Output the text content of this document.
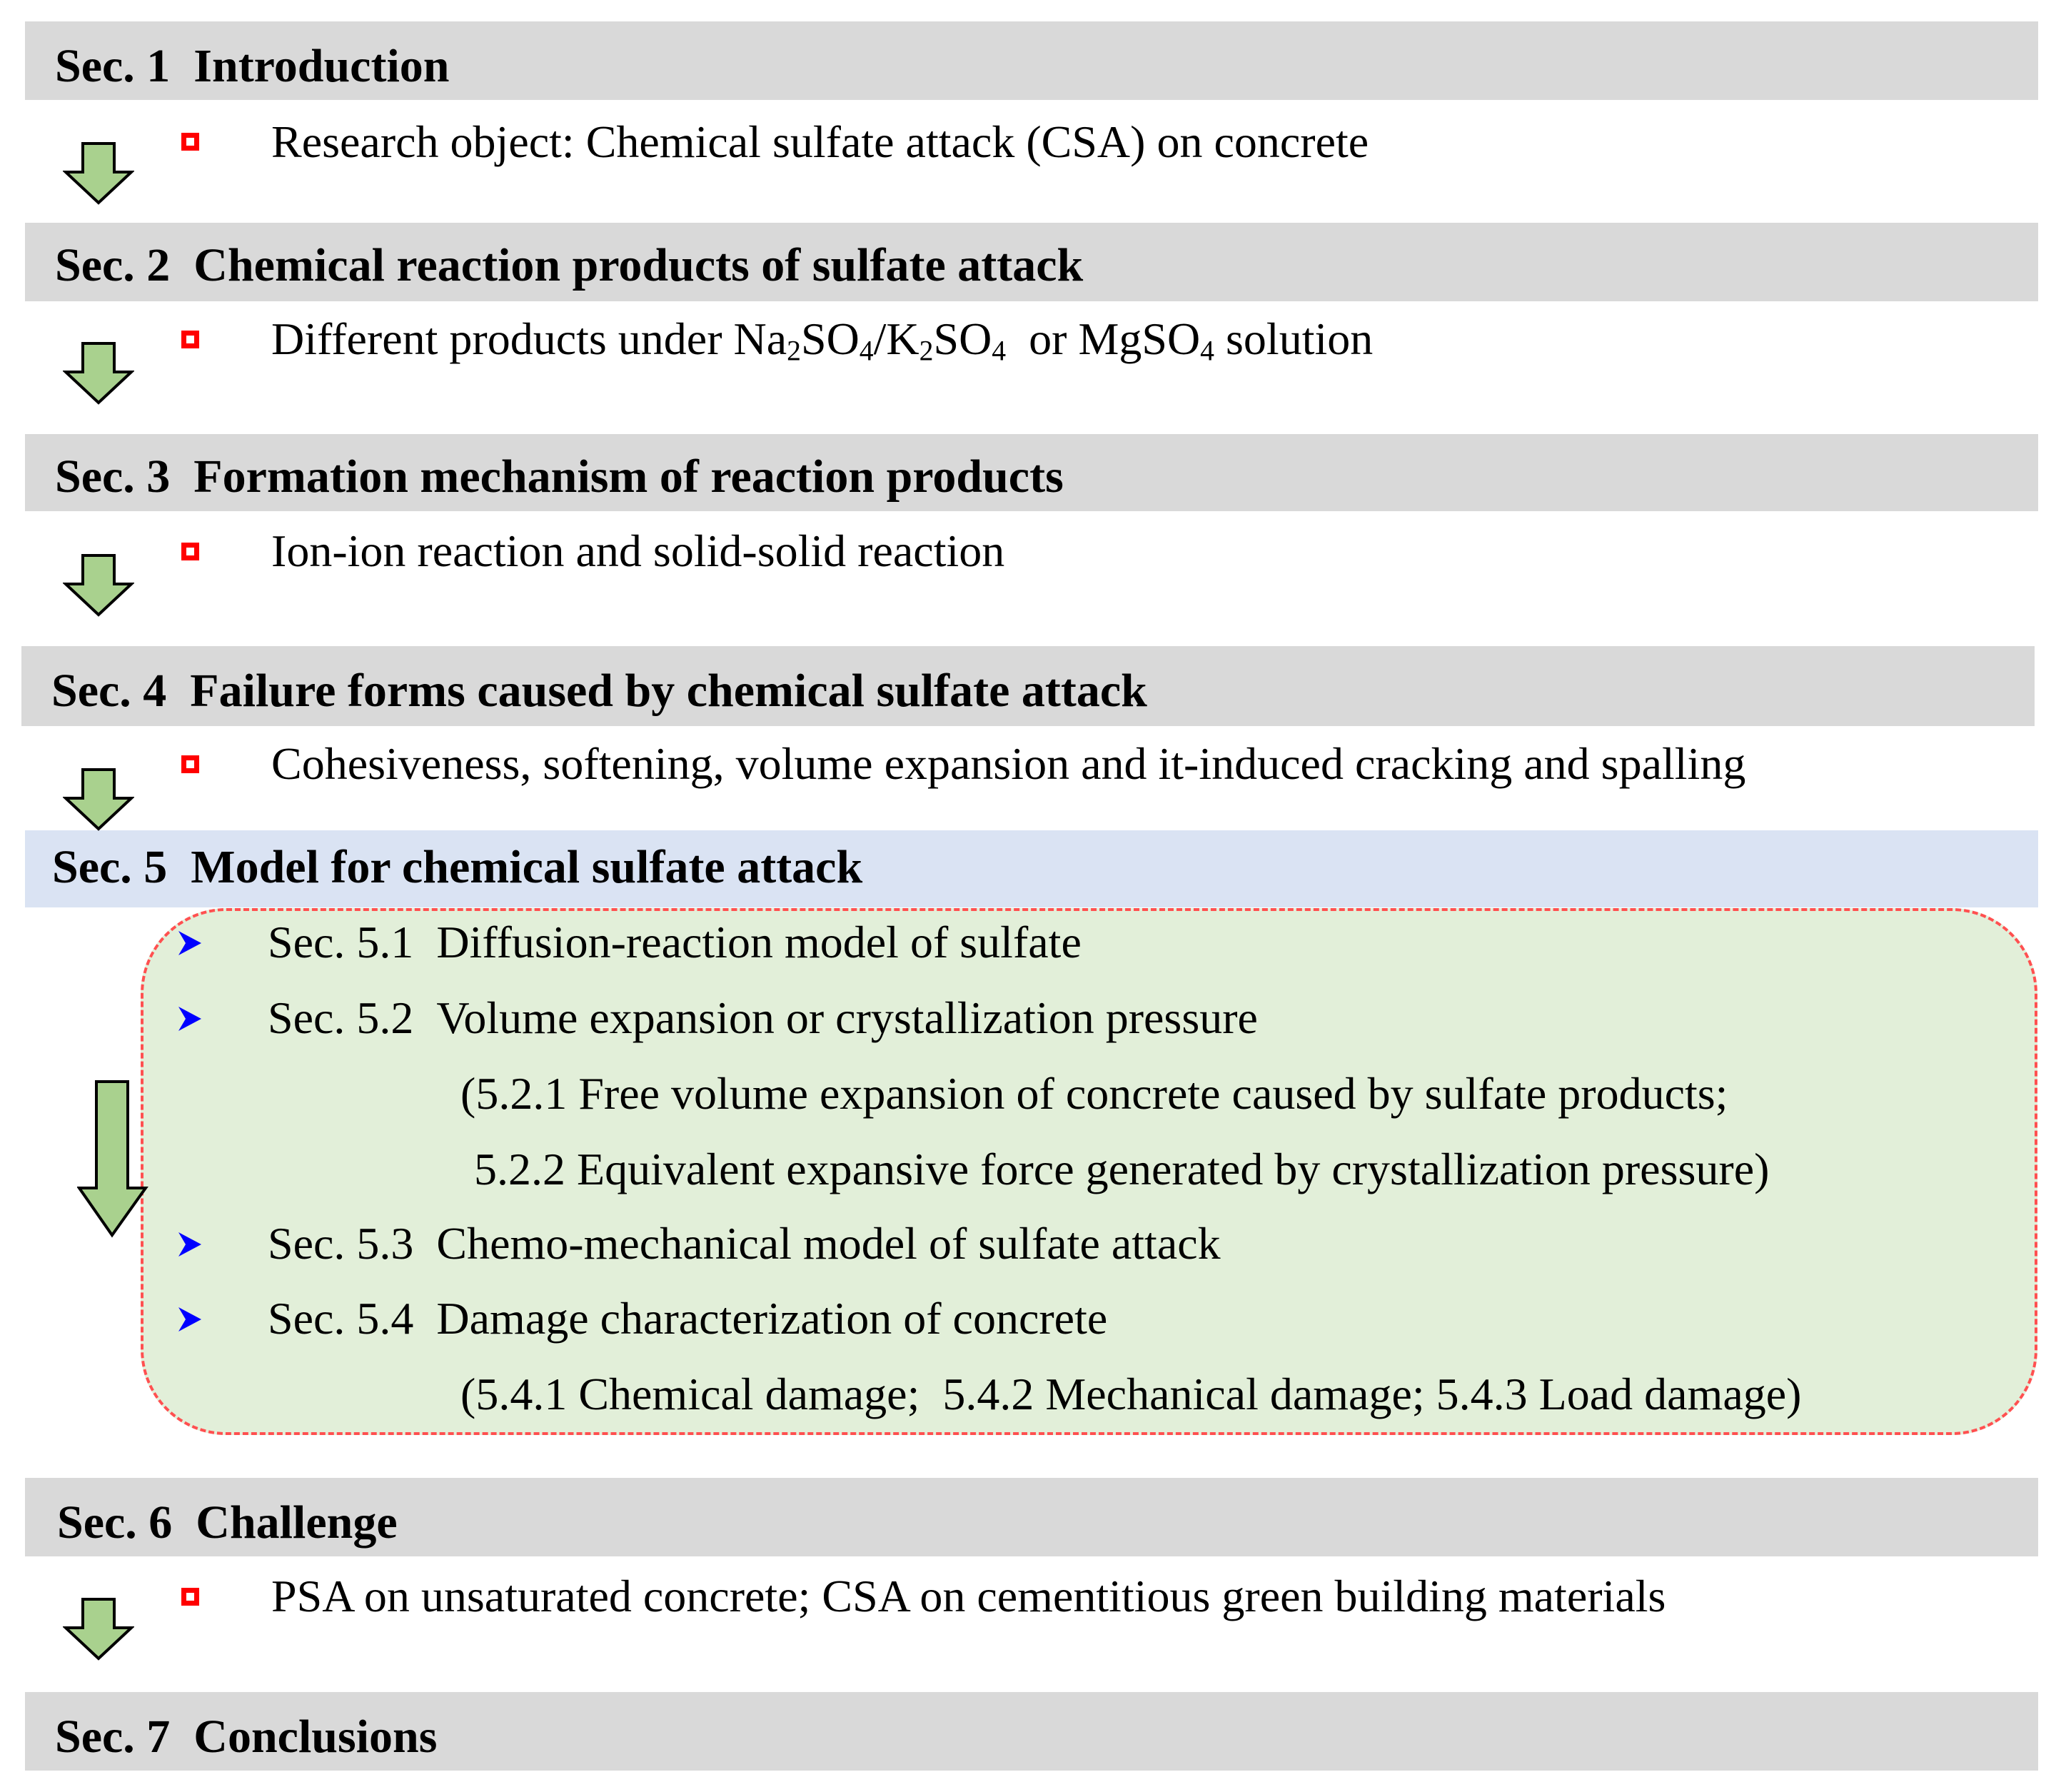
Sec. 1 Introduction
Sec. 2 Chemical reaction products of sulfate attack
Sec. 3 Formation mechanism of reaction products
Sec. 4 Failure forms caused by chemical sulfate attack
Sec. 5 Model for chemical sulfate attack
Sec. 6 Challenge
Sec. 7 Conclusions
Research object: Chemical sulfate attack (CSA) on concrete
Different products under $Na_2SO_4/K_2SO_4$  or MgSO$_4$ solution
Ion-ion reaction and solid-solid reaction
Cohesiveness, softening, volume expansion and it-induced cracking and spalling
Sec. 5.1 Diffusion-reaction model of sulfate
Sec. 5.2 Volume expansion or crystallization pressure
(5.2.1 Free volume expansion of concrete caused by sulfate products;
5.2.2 Equivalent expansive force generated by crystallization pressure)
Sec. 5.3 Chemo-mechanical model of sulfate attack
Sec. 5.4 Damage characterization of concrete
(5.4.1 Chemical damage;  5.4.2 Mechanical damage; 5.4.3 Load damage)
PSA on unsaturated concrete; CSA on cementitious green building materials
